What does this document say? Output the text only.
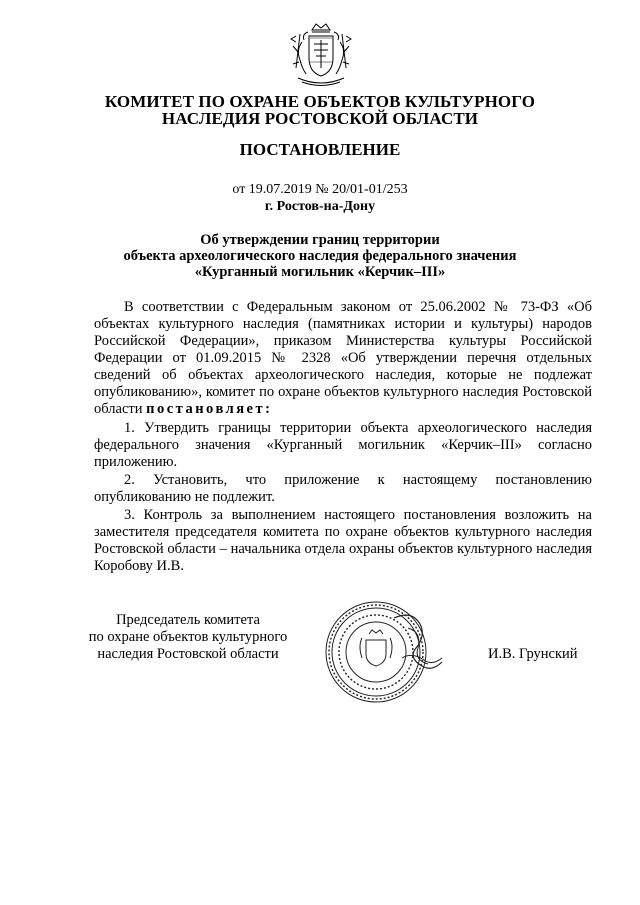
КОМИТЕТ ПО ОХРАНЕ ОБЪЕКТОВ КУЛЬТУРНОГО
НАСЛЕДИЯ РОСТОВСКОЙ ОБЛАСТИ
ПОСТАНОВЛЕНИЕ
от 19.07.2019 № 20/01-01/253
г. Ростов-на-Дону
Об утверждении границ территории
объекта археологического наследия федерального значения
«Курганный могильник «Керчик–III»
В соответствии с Федеральным законом от 25.06.2002 № 73-ФЗ «Об объектах культурного наследия (памятниках истории и культуры) народов Российской Федерации», приказом Министерства культуры Российской Федерации от 01.09.2015 № 2328 «Об утверждении перечня отдельных сведений об объектах археологического наследия, которые не подлежат опубликованию», комитет по охране объектов культурного наследия Ростовской области постановляет:
1. Утвердить границы территории объекта археологического наследия федерального значения «Курганный могильник «Керчик–III» согласно приложению.
2. Установить, что приложение к настоящему постановлению опубликованию не подлежит.
3. Контроль за выполнением настоящего постановления возложить на заместителя председателя комитета по охране объектов культурного наследия Ростовской области – начальника отдела охраны объектов культурного наследия Коробову И.В.
Председатель комитета
по охране объектов культурного
наследия Ростовской области	И.В. Грунский
